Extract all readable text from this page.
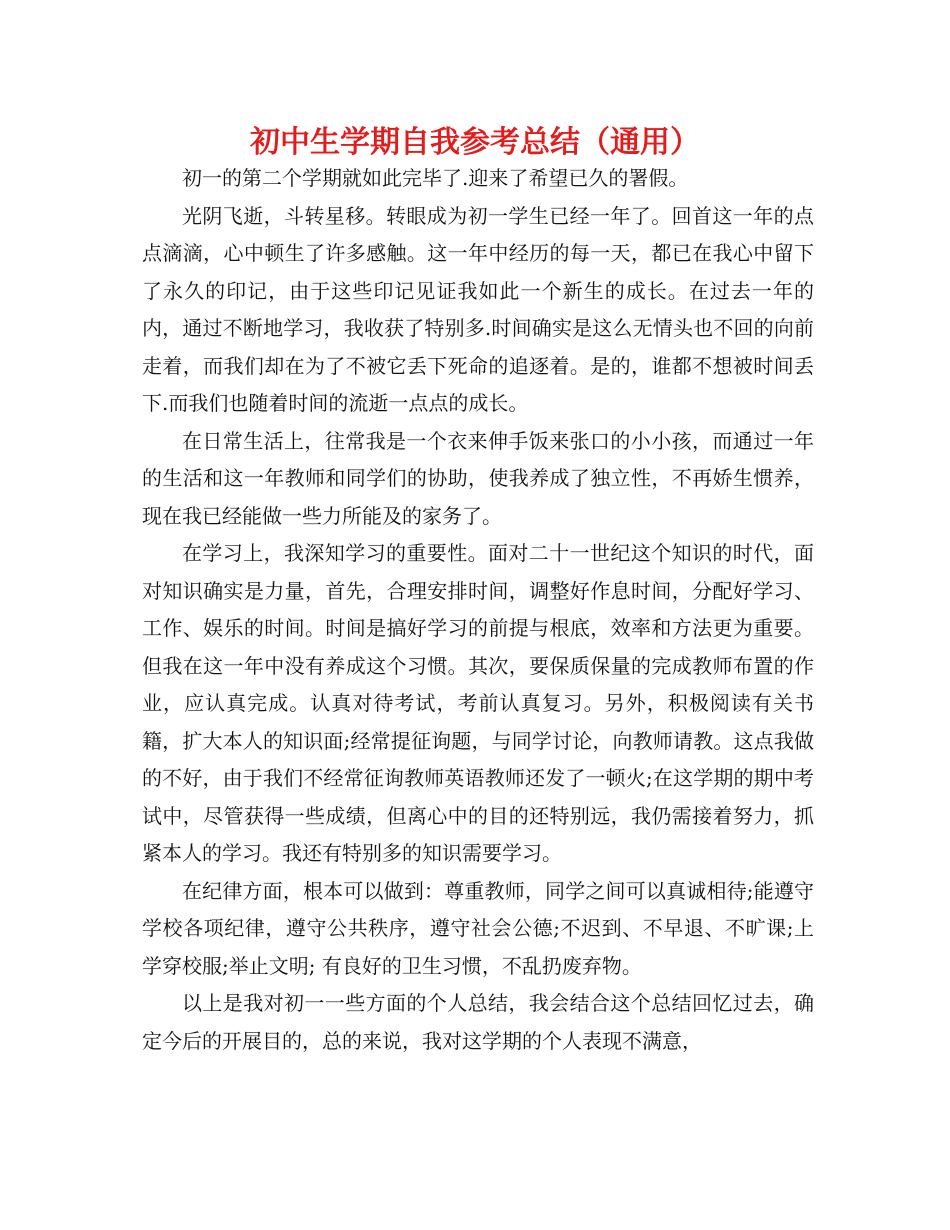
初中生学期自我参考总结（通用）

初一的第二个学期就如此完毕了.迎来了希望已久的署假。

光阴飞逝，斗转星移。转眼成为初一学生已经一年了。回首这一年的点点滴滴，心中顿生了许多感触。这一年中经历的每一天，都已在我心中留下了永久的印记，由于这些印记见证我如此一个新生的成长。在过去一年的内，通过不断地学习，我收获了特别多.时间确实是这么无情头也不回的向前走着，而我们却在为了不被它丢下死命的追逐着。是的，谁都不想被时间丢下.而我们也随着时间的流逝一点点的成长。

在日常生活上，往常我是一个衣来伸手饭来张口的小小孩，而通过一年的生活和这一年教师和同学们的协助，使我养成了独立性，不再娇生惯养，现在我已经能做一些力所能及的家务了。

在学习上，我深知学习的重要性。面对二十一世纪这个知识的时代，面对知识确实是力量，首先，合理安排时间，调整好作息时间，分配好学习、工作、娱乐的时间。时间是搞好学习的前提与根底，效率和方法更为重要。但我在这一年中没有养成这个习惯。其次，要保质保量的完成教师布置的作业，应认真完成。认真对待考试，考前认真复习。另外，积极阅读有关书籍，扩大本人的知识面;经常提征询题，与同学讨论，向教师请教。这点我做的不好，由于我们不经常征询教师英语教师还发了一顿火;在这学期的期中考试中，尽管获得一些成绩，但离心中的目的还特别远，我仍需接着努力，抓紧本人的学习。我还有特别多的知识需要学习。

在纪律方面，根本可以做到：尊重教师，同学之间可以真诚相待;能遵守学校各项纪律，遵守公共秩序，遵守社会公德;不迟到、不早退、不旷课;上学穿校服;举止文明; 有良好的卫生习惯，不乱扔废弃物。

以上是我对初一一些方面的个人总结，我会结合这个总结回忆过去，确定今后的开展目的，总的来说，我对这学期的个人表现不满意，
